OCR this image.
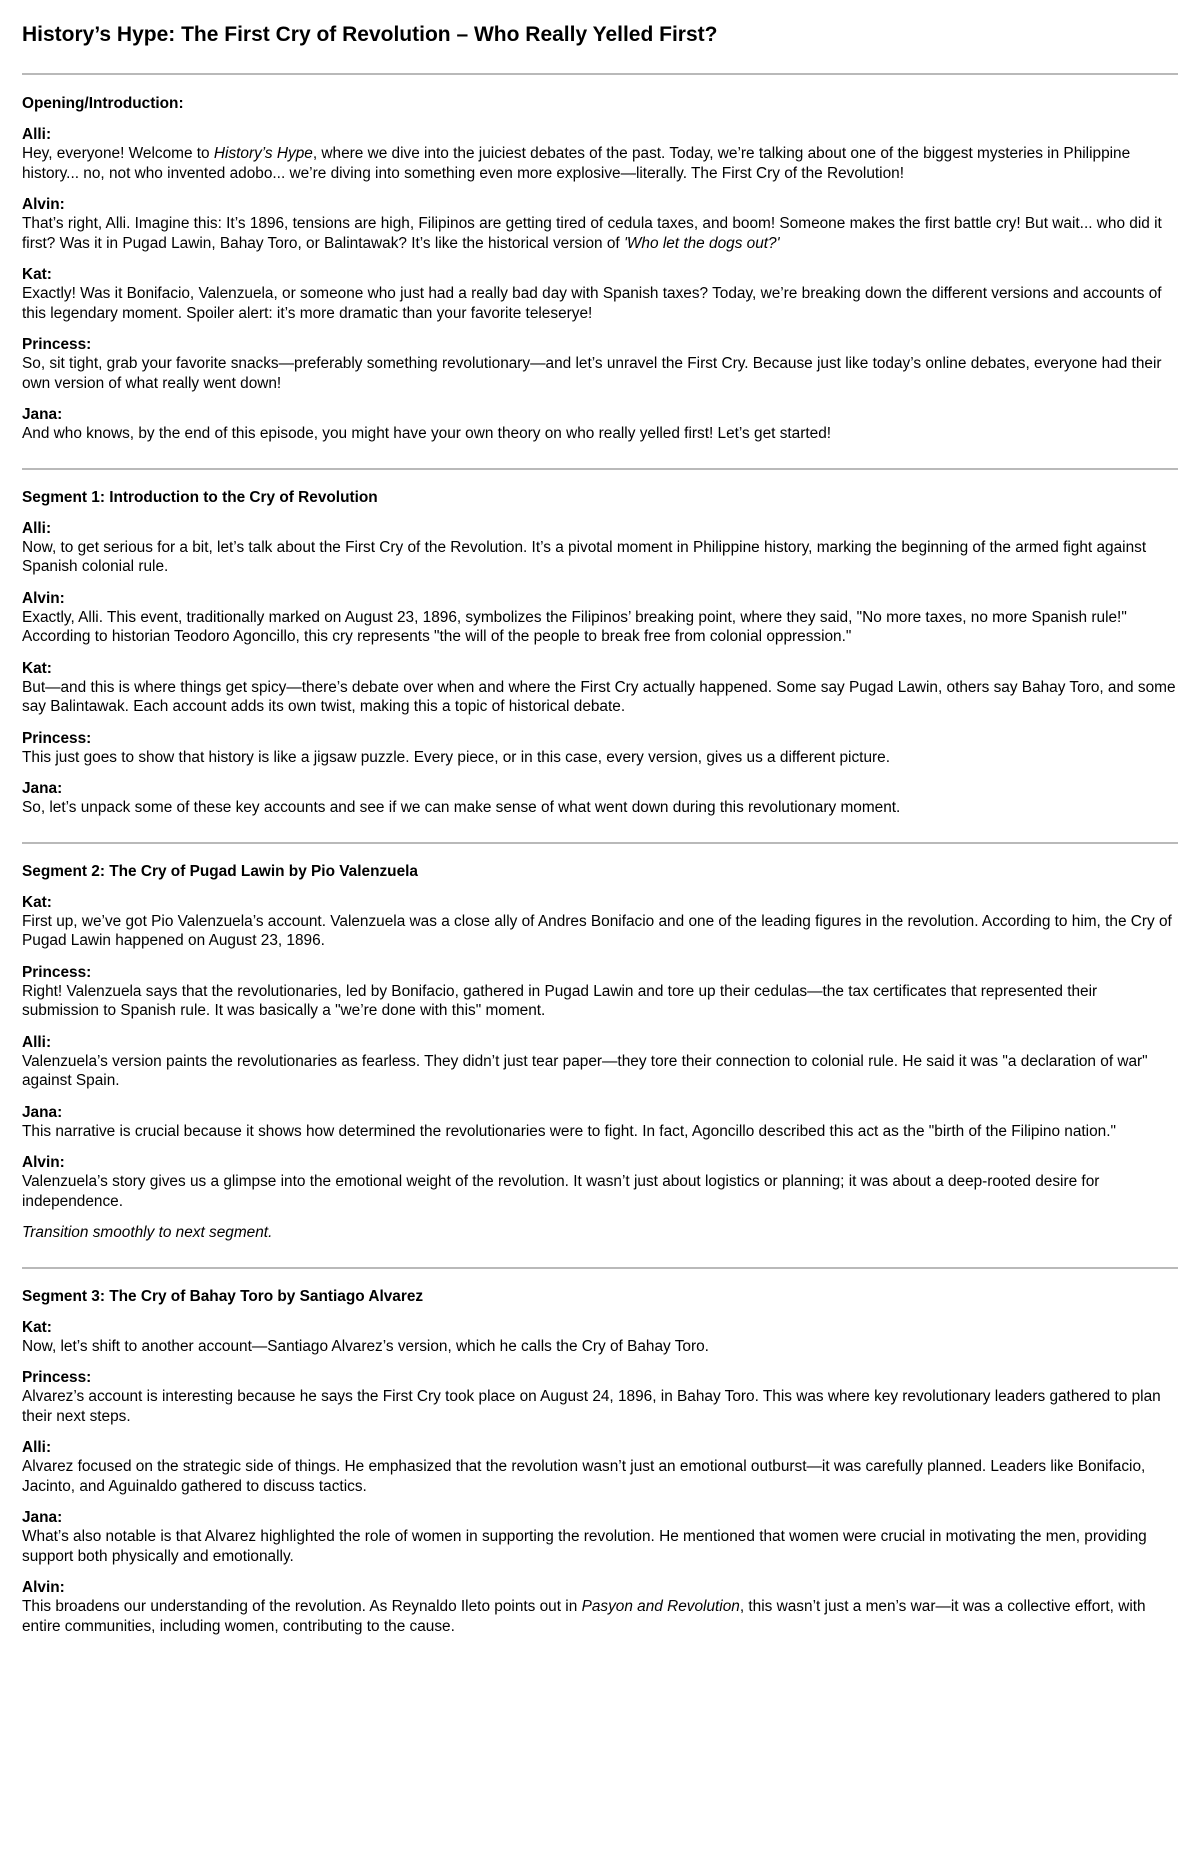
History’s Hype: The First Cry of Revolution – Who Really Yelled First?
Opening/Introduction:
Alli:
Hey, everyone! Welcome to History’s Hype, where we dive into the juiciest debates of the past. Today, we’re talking about one of the biggest mysteries in Philippine history... no, not who invented adobo... we’re diving into something even more explosive—literally. The First Cry of the Revolution!
Alvin:
That’s right, Alli. Imagine this: It’s 1896, tensions are high, Filipinos are getting tired of cedula taxes, and boom! Someone makes the first battle cry! But wait... who did it first? Was it in Pugad Lawin, Bahay Toro, or Balintawak? It’s like the historical version of 'Who let the dogs out?'
Kat:
Exactly! Was it Bonifacio, Valenzuela, or someone who just had a really bad day with Spanish taxes? Today, we’re breaking down the different versions and accounts of this legendary moment. Spoiler alert: it’s more dramatic than your favorite teleserye!
Princess:
So, sit tight, grab your favorite snacks—preferably something revolutionary—and let’s unravel the First Cry. Because just like today’s online debates, everyone had their own version of what really went down!
Jana:
And who knows, by the end of this episode, you might have your own theory on who really yelled first! Let’s get started!
Segment 1: Introduction to the Cry of Revolution
Alli:
Now, to get serious for a bit, let’s talk about the First Cry of the Revolution. It’s a pivotal moment in Philippine history, marking the beginning of the armed fight against Spanish colonial rule.
Alvin:
Exactly, Alli. This event, traditionally marked on August 23, 1896, symbolizes the Filipinos’ breaking point, where they said, "No more taxes, no more Spanish rule!" According to historian Teodoro Agoncillo, this cry represents "the will of the people to break free from colonial oppression."
Kat:
But—and this is where things get spicy—there’s debate over when and where the First Cry actually happened. Some say Pugad Lawin, others say Bahay Toro, and some say Balintawak. Each account adds its own twist, making this a topic of historical debate.
Princess:
This just goes to show that history is like a jigsaw puzzle. Every piece, or in this case, every version, gives us a different picture.
Jana:
So, let’s unpack some of these key accounts and see if we can make sense of what went down during this revolutionary moment.
Segment 2: The Cry of Pugad Lawin by Pio Valenzuela
Kat:
First up, we’ve got Pio Valenzuela’s account. Valenzuela was a close ally of Andres Bonifacio and one of the leading figures in the revolution. According to him, the Cry of Pugad Lawin happened on August 23, 1896.
Princess:
Right! Valenzuela says that the revolutionaries, led by Bonifacio, gathered in Pugad Lawin and tore up their cedulas—the tax certificates that represented their submission to Spanish rule. It was basically a "we’re done with this" moment.
Alli:
Valenzuela’s version paints the revolutionaries as fearless. They didn’t just tear paper—they tore their connection to colonial rule. He said it was "a declaration of war" against Spain.
Jana:
This narrative is crucial because it shows how determined the revolutionaries were to fight. In fact, Agoncillo described this act as the "birth of the Filipino nation."
Alvin:
Valenzuela’s story gives us a glimpse into the emotional weight of the revolution. It wasn’t just about logistics or planning; it was about a deep-rooted desire for independence.
Transition smoothly to next segment.
Segment 3: The Cry of Bahay Toro by Santiago Alvarez
Kat:
Now, let’s shift to another account—Santiago Alvarez’s version, which he calls the Cry of Bahay Toro.
Princess:
Alvarez’s account is interesting because he says the First Cry took place on August 24, 1896, in Bahay Toro. This was where key revolutionary leaders gathered to plan their next steps.
Alli:
Alvarez focused on the strategic side of things. He emphasized that the revolution wasn’t just an emotional outburst—it was carefully planned. Leaders like Bonifacio, Jacinto, and Aguinaldo gathered to discuss tactics.
Jana:
What’s also notable is that Alvarez highlighted the role of women in supporting the revolution. He mentioned that women were crucial in motivating the men, providing support both physically and emotionally.
Alvin:
This broadens our understanding of the revolution. As Reynaldo Ileto points out in Pasyon and Revolution, this wasn’t just a men’s war—it was a collective effort, with entire communities, including women, contributing to the cause.
